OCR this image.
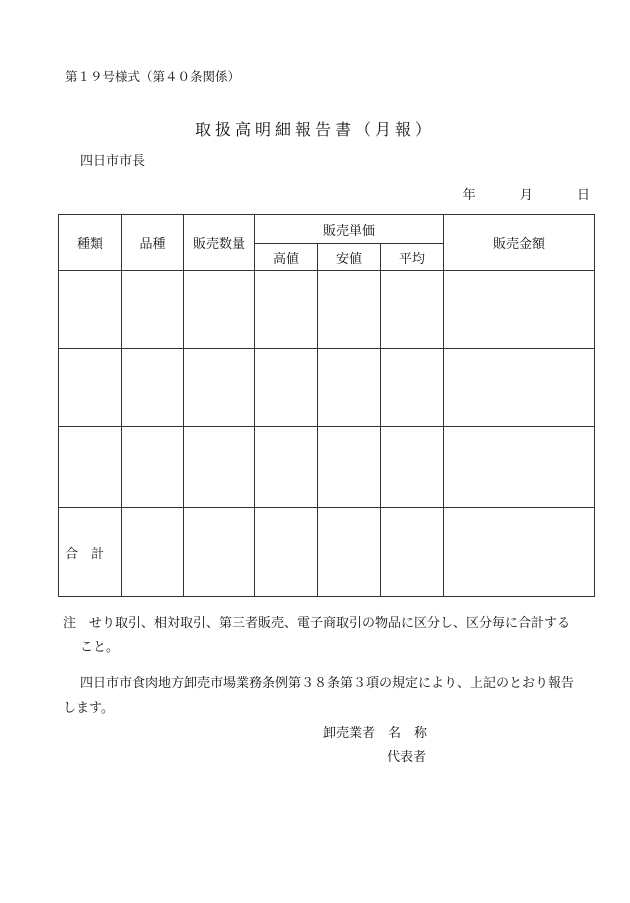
第１９号様式（第４０条関係）
取扱高明細報告書（月報）
四日市市長
年	月	日
種類	品種	販売数量	販売単価			販売金額
			高値	安値	平均	

合　計						
注　せり取引、相対取引、第三者販売、電子商取引の物品に区分し、区分毎に合計する
こと。
四日市市食肉地方卸売市場業務条例第３８条第３項の規定により、上記のとおり報告
します。
卸売業者　名　称
代表者
